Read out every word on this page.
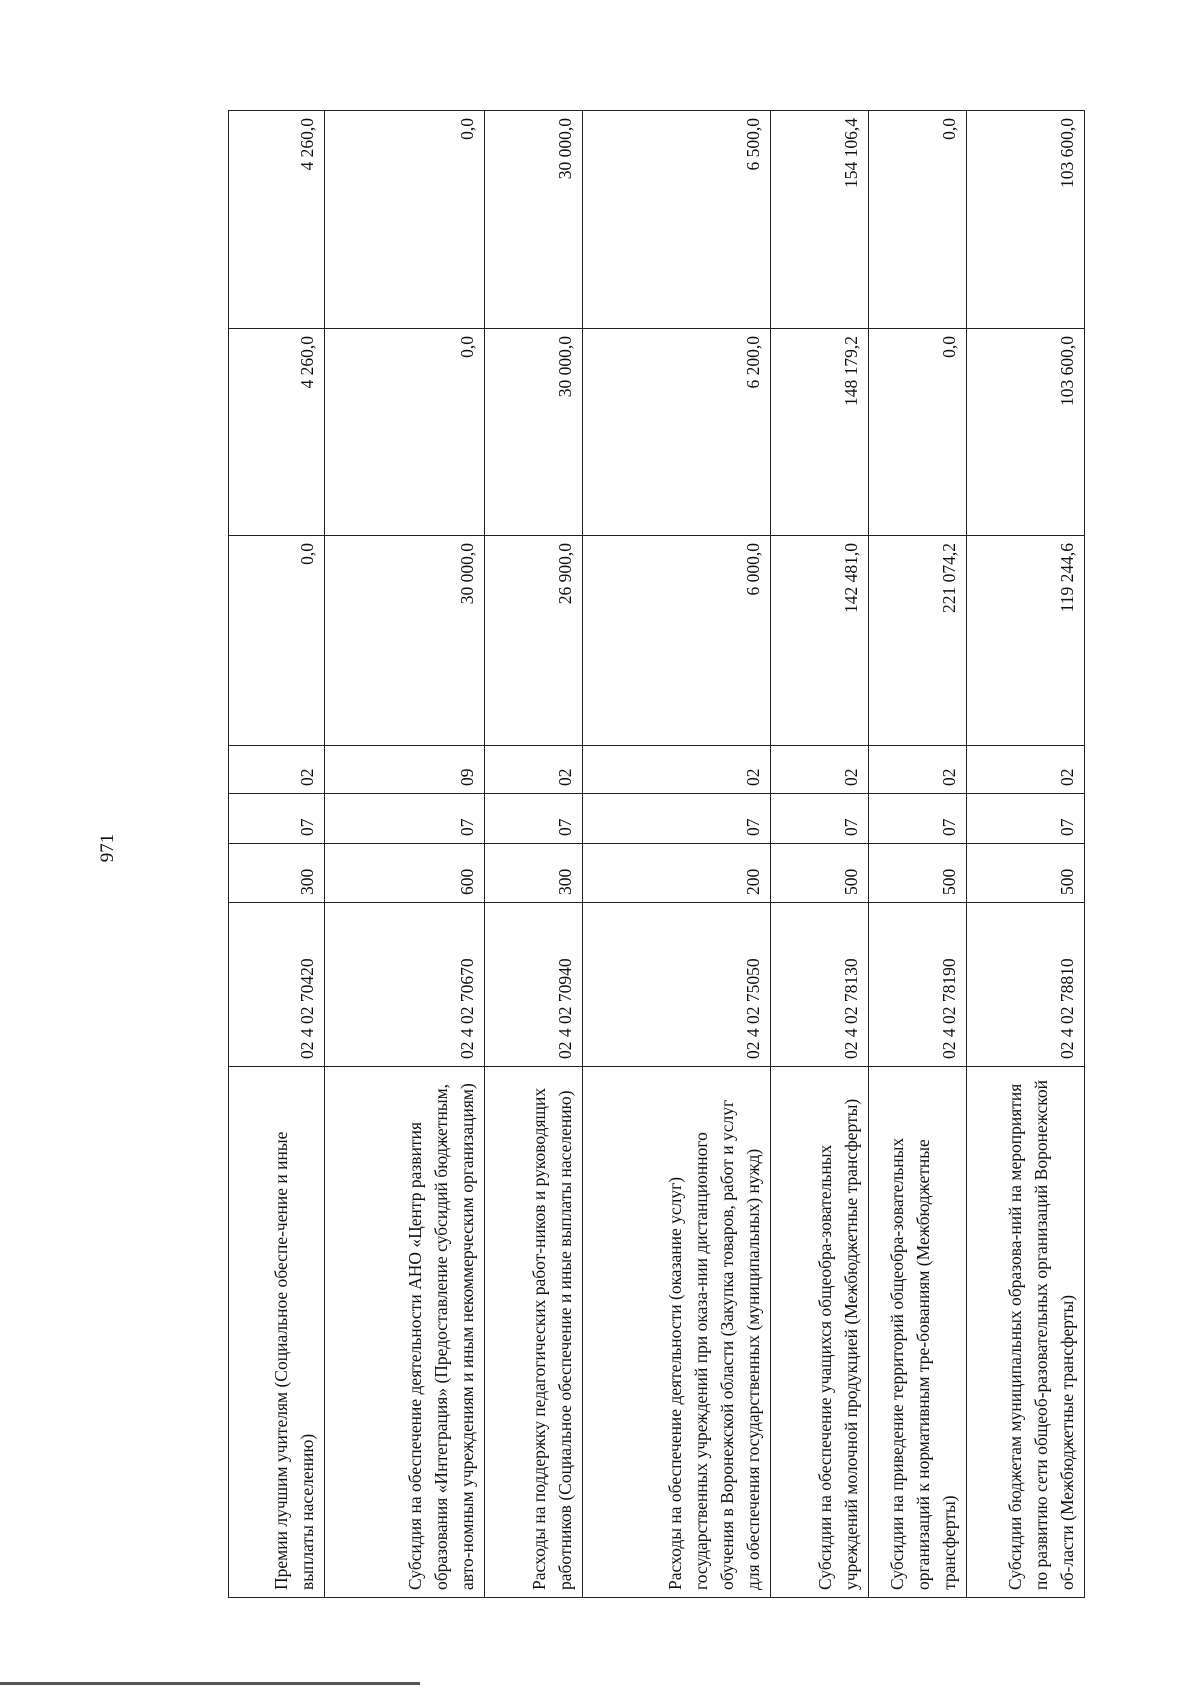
971
Премии лучшим учителям (Социальное обеспе-чение и иные выплаты населению)	02 4 02 70420	300	07	02	0,0	4 260,0	4 260,0
Субсидия на обеспечение деятельности АНО «Центр развития образования «Интеграция» (Предоставление субсидий бюджетным, авто-номным учреждениям и иным некоммерческим организациям)	02 4 02 70670	600	07	09	30 000,0	0,0	0,0
Расходы на поддержку педагогических работ-ников и руководящих работников (Социальное обеспечение и иные выплаты населению)	02 4 02 70940	300	07	02	26 900,0	30 000,0	30 000,0
Расходы на обеспечение деятельности (оказание услуг) государственных учреждений при оказа-нии дистанционного обучения в Воронежской области (Закупка товаров, работ и услуг для обеспечения государственных (муниципальных) нужд)	02 4 02 75050	200	07	02	6 000,0	6 200,0	6 500,0
Субсидии на обеспечение учащихся общеобра-зовательных учреждений молочной продукцией (Межбюджетные трансферты)	02 4 02 78130	500	07	02	142 481,0	148 179,2	154 106,4
Субсидии на приведение территорий общеобра-зовательных организаций к нормативным тре-бованиям (Межбюджетные трансферты)	02 4 02 78190	500	07	02	221 074,2	0,0	0,0
Субсидии бюджетам муниципальных образова-ний на мероприятия по развитию сети общеоб-разовательных организаций Воронежской об-ласти (Межбюджетные трансферты)	02 4 02 78810	500	07	02	119 244,6	103 600,0	103 600,0
